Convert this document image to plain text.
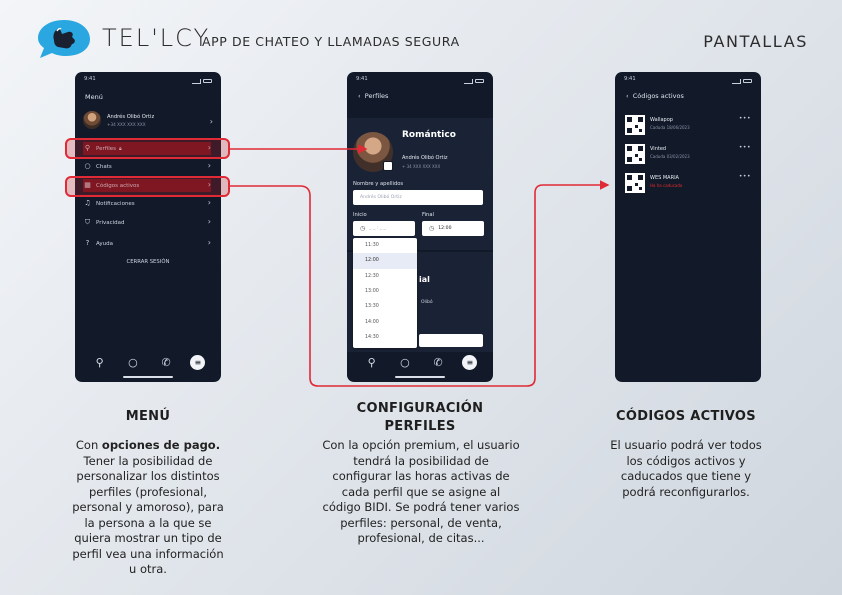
TEL'LCY
APP DE CHATEO Y LLAMADAS SEGURA	PANTALLAS
9:41
Menú
Andrés Olibó Ortiz
+34 XXX XXX XXX	›
⚲	Perfiles 🔒︎	›
○ Chats	›
▦ Códigos activos	›
♫ Notificaciones	›
⛉	Privacidad	›
?	Ayuda	›
CERRAR SESIÓN
⚲	○	✆	≡
9:41
‹ Perfiles
Romántico
Andrés Olibó Ortiz
+ 34 XXX XXX XXX
Nombre y apellidos
Andrés Olibó Ortiz
Inicio	Final
◷ _ _ : _ _	◷ 12:00
ial
Olibó
11:30
12:00
12:30
13:00
13:30
14:00
14:30
⚲	○	✆	≡
9:41
‹ Códigos activos
Wallapop
Caduda 18/06/2023
•••
Vinted
Caduda 03/02/2023
•••
WES MARIA
Ha ha caducado
•••
MENÚ
Con opciones de pago. Tener la posibilidad de personalizar los distintos perfiles (profesional, personal y amoroso), para la persona a la que se quiera mostrar un tipo de perfil vea una información u otra.
CONFIGURACIÓN PERFILES
Con la opción premium, el usuario tendrá la posibilidad de configurar las horas activas de cada perfil que se asigne al código BIDI. Se podrá tener varios perfiles: personal, de venta, profesional, de citas...
CÓDIGOS ACTIVOS
El usuario podrá ver todos los códigos activos y caducados que tiene y podrá reconfigurarlos.
